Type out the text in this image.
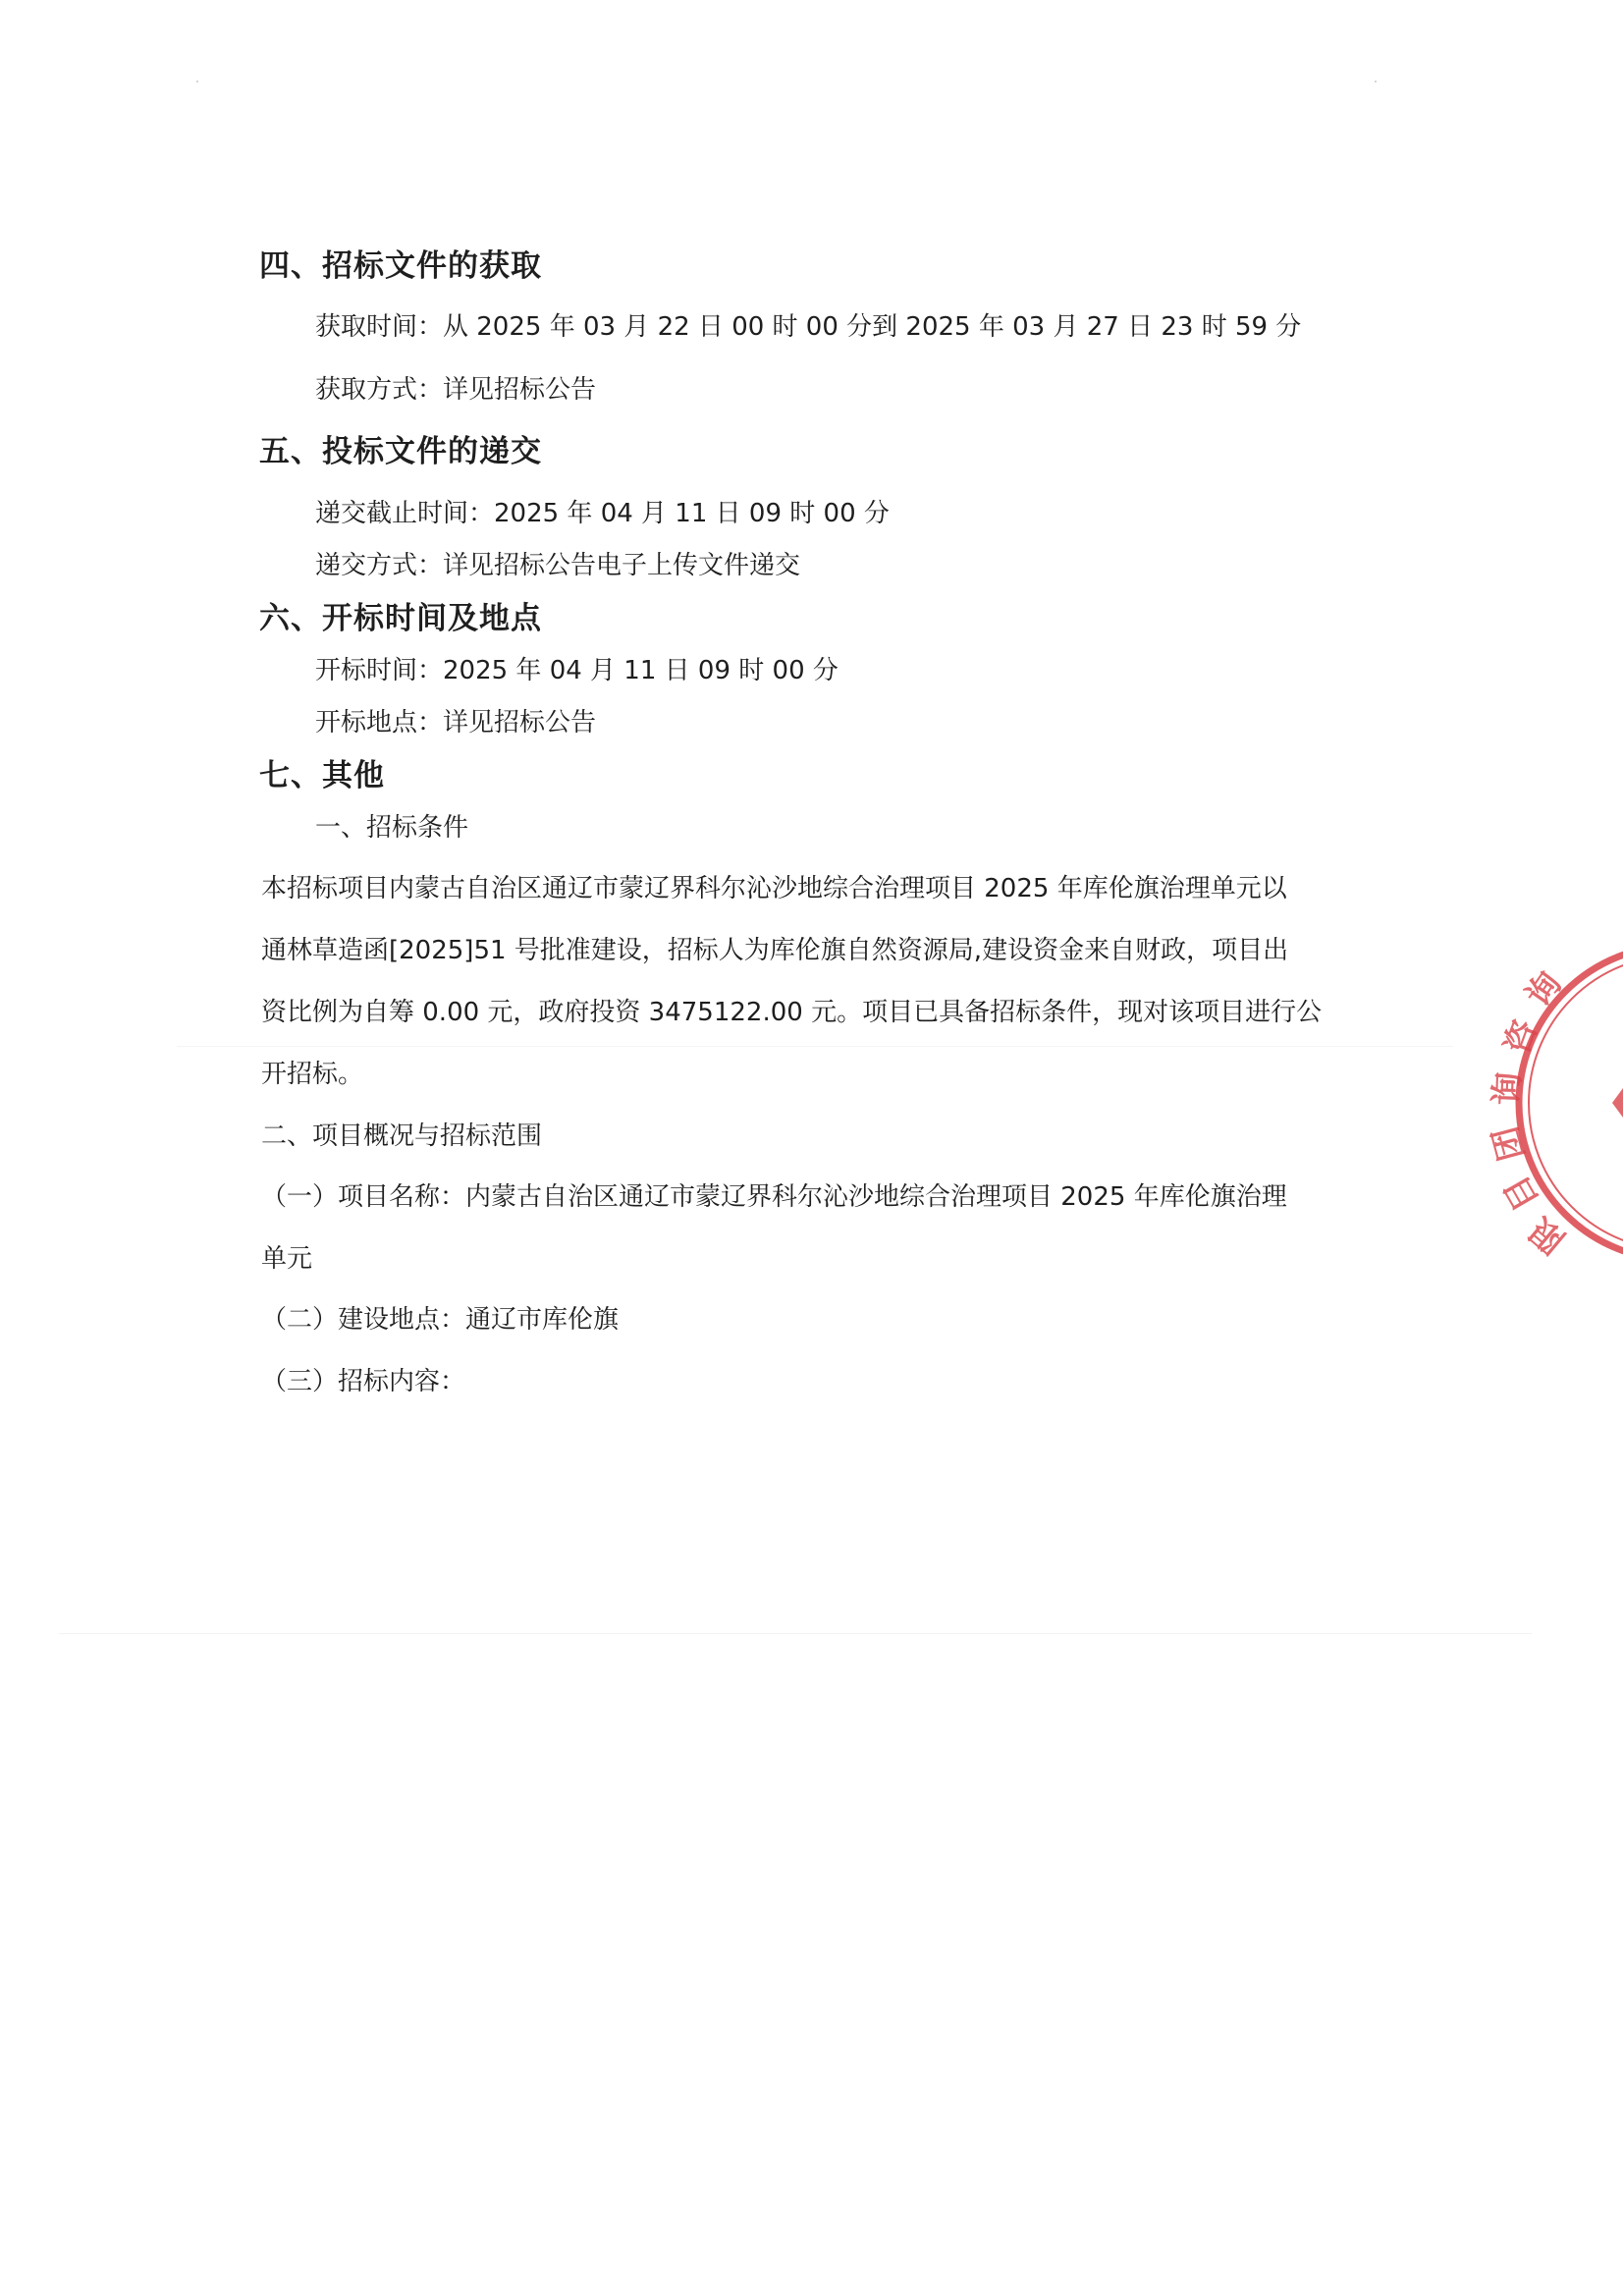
四、招标文件的获取
获取时间：从 2025 年 03 月 22 日 00 时 00 分到 2025 年 03 月 27 日 23 时 59 分
获取方式：详见招标公告
五、投标文件的递交
递交截止时间：2025 年 04 月 11 日 09 时 00 分
递交方式：详见招标公告电子上传文件递交
六、开标时间及地点
开标时间：2025 年 04 月 11 日 09 时 00 分
开标地点：详见招标公告
七、其他
一、招标条件
本招标项目内蒙古自治区通辽市蒙辽界科尔沁沙地综合治理项目 2025 年库伦旗治理单元以
通林草造函[2025]51 号批准建设，招标人为库伦旗自然资源局,建设资金来自财政，项目出
资比例为自筹 0.00 元，政府投资 3475122.00 元。项目已具备招标条件，现对该项目进行公
开招标。
二、项目概况与招标范围
（一）项目名称：内蒙古自治区通辽市蒙辽界科尔沁沙地综合治理项目 2025 年库伦旗治理
单元
（二）建设地点：通辽市库伦旗
（三）招标内容：
询
咨
询
团
目
限
